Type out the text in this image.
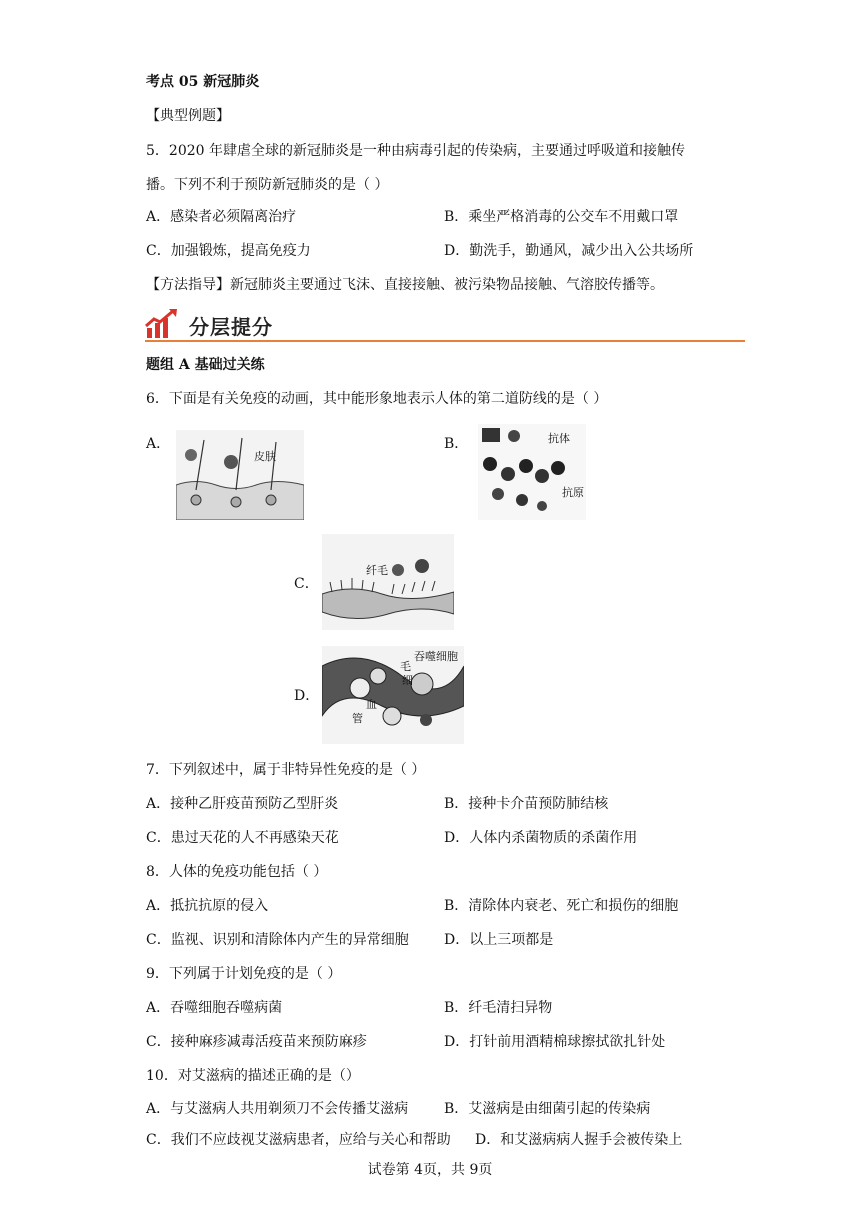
考点 05 新冠肺炎
【典型例题】
5．2020 年肆虐全球的新冠肺炎是一种由病毒引起的传染病，主要通过呼吸道和接触传
播。下列不利于预防新冠肺炎的是（ ）
A．感染者必须隔离治疗	B．乘坐严格消毒的公交车不用戴口罩
C．加强锻炼，提高免疫力	D．勤洗手，勤通风，减少出入公共场所
【方法指导】新冠肺炎主要通过飞沫、直接接触、被污染物品接触、气溶胶传播等。
分层提分
题组 A 基础过关练
6．下面是有关免疫的动画，其中能形象地表示人体的第二道防线的是（ ）
A．
皮肤
B．	抗体
抗原
C．
纤毛
D．
吞噬细胞
毛
细
血
管
7．下列叙述中，属于非特异性免疫的是（ ）
A．接种乙肝疫苗预防乙型肝炎	B．接种卡介苗预防肺结核
C．患过天花的人不再感染天花	D．人体内杀菌物质的杀菌作用
8．人体的免疫功能包括（ ）
A．抵抗抗原的侵入	B．清除体内衰老、死亡和损伤的细胞
C．监视、识别和清除体内产生的异常细胞	D．以上三项都是
9．下列属于计划免疫的是（ ）
A．吞噬细胞吞噬病菌	B．纤毛清扫异物
C．接种麻疹减毒活疫苗来预防麻疹	D．打针前用酒精棉球擦拭欲扎针处
10．对艾滋病的描述正确的是（）
A．与艾滋病人共用剃须刀不会传播艾滋病	B．艾滋病是由细菌引起的传染病
C．我们不应歧视艾滋病患者，应给与关心和帮助 D．和艾滋病病人握手会被传染上
试卷第 4页，共 9页
